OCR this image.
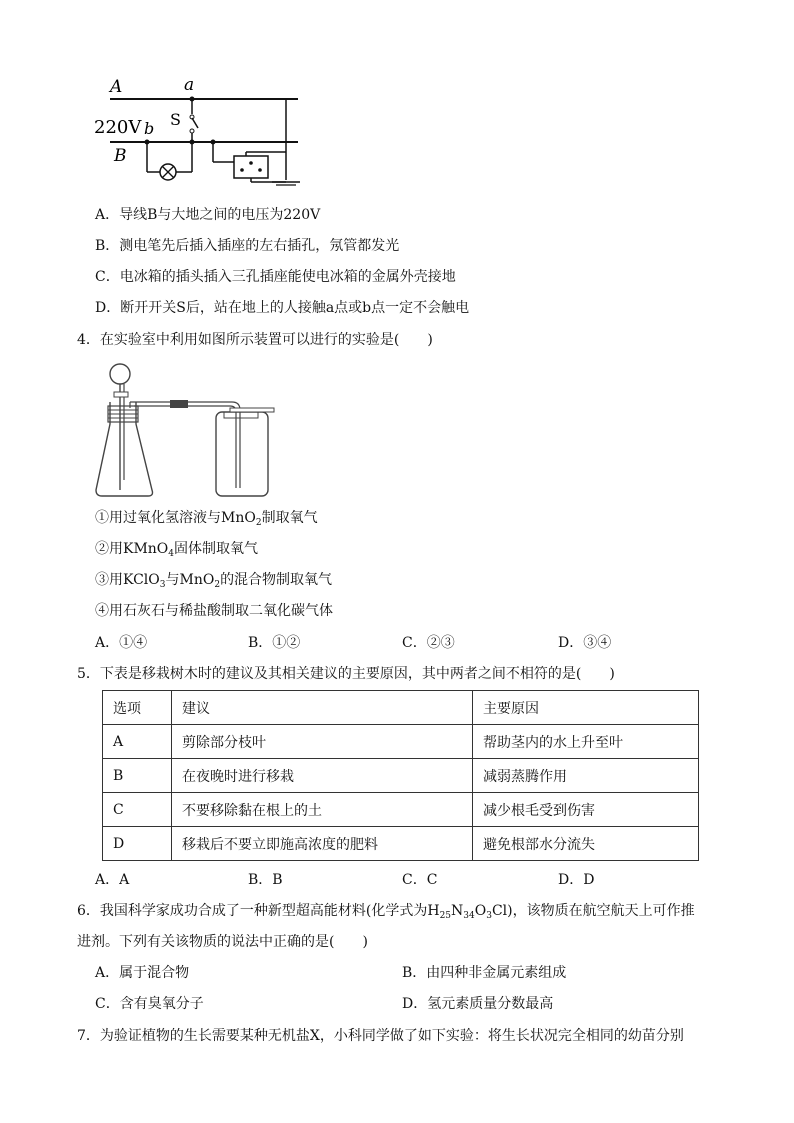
A	a
220V b S
B
A．导线B与大地之间的电压为220V
B．测电笔先后插入插座的左右插孔，氖管都发光
C．电冰箱的插头插入三孔插座能使电冰箱的金属外壳接地
D．断开开关S后，站在地上的人接触a点或b点一定不会触电
4．在实验室中利用如图所示装置可以进行的实验是(　　)
①用过氧化氢溶液与MnO$_2$制取氧气
②用KMnO$_4$固体制取氧气
③用KClO$_3$与MnO$_2$的混合物制取氧气
④用石灰石与稀盐酸制取二氧化碳气体
A．①④	B．①②	C．②③	D．③④
5．下表是移栽树木时的建议及其相关建议的主要原因，其中两者之间不相符的是(　　)
选项	建议	主要原因
A	剪除部分枝叶	帮助茎内的水上升至叶
B	在夜晚时进行移栽	减弱蒸腾作用
C	不要移除黏在根上的土	减少根毛受到伤害
D	移栽后不要立即施高浓度的肥料	避免根部水分流失
A．A	B．B	C．C	D．D
6．我国科学家成功合成了一种新型超高能材料(化学式为$H_{25}N_{34}O_3Cl$)，该物质在航空航天上可作推
进剂。下列有关该物质的说法中正确的是(　　)
A．属于混合物	B．由四种非金属元素组成
C．含有臭氧分子	D．氢元素质量分数最高
7．为验证植物的生长需要某种无机盐X，小科同学做了如下实验：将生长状况完全相同的幼苗分别
